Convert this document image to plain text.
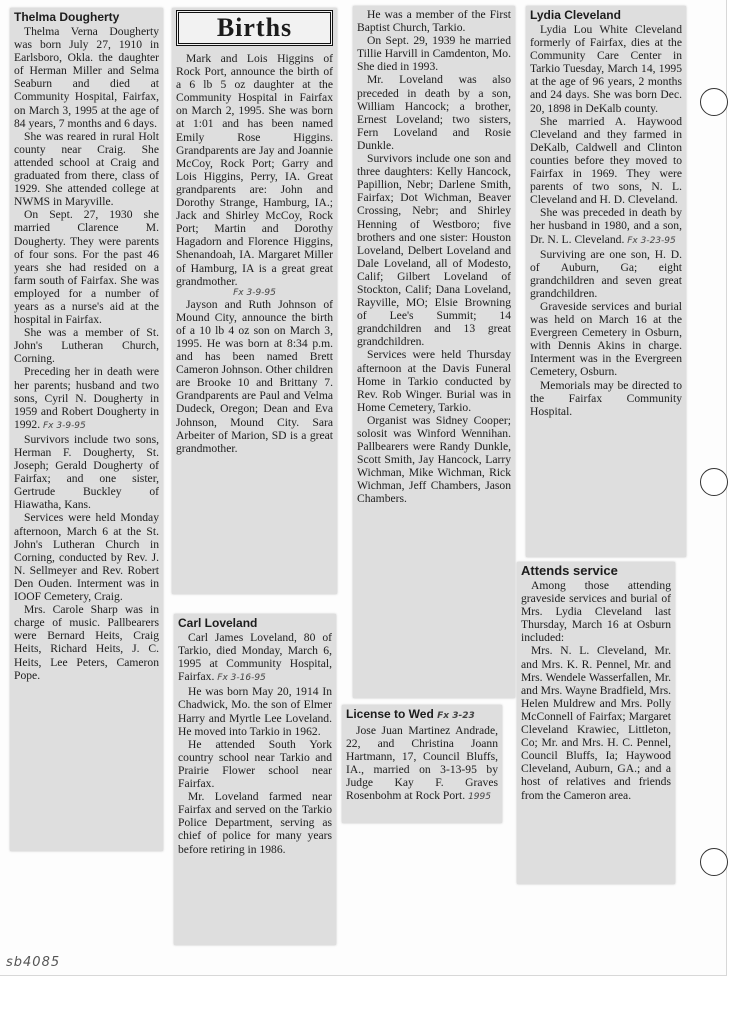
Thelma Dougherty

Thelma Verna Dougherty was born July 27, 1910 in Earlsboro, Okla. the daughter of Herman Miller and Selma Seaburn and died at Community Hospital, Fairfax, on March 3, 1995 at the age of 84 years, 7 months and 6 days.

She was reared in rural Holt county near Craig. She attended school at Craig and graduated from there, class of 1929. She attended college at NWMS in Maryville.

On Sept. 27, 1930 she married Clarence M. Dougherty. They were parents of four sons. For the past 46 years she had resided on a farm south of Fairfax. She was employed for a number of years as a nurse's aid at the hospital in Fairfax.

She was a member of St. John's Lutheran Church, Corning.

Preceding her in death were her parents; husband and two sons, Cyril N. Dougherty in 1959 and Robert Dougherty in 1992. Fx 3-9-95

Survivors include two sons, Herman F. Dougherty, St. Joseph; Gerald Dougherty of Fairfax; and one sister, Gertrude Buckley of Hiawatha, Kans.

Services were held Monday afternoon, March 6 at the St. John's Lutheran Church in Corning, conducted by Rev. J. N. Sellmeyer and Rev. Robert Den Ouden. Interment was in IOOF Cemetery, Craig.

Mrs. Carole Sharp was in charge of music. Pallbearers were Bernard Heits, Craig Heits, Richard Heits, J. C. Heits, Lee Peters, Cameron Pope.

Births

Mark and Lois Higgins of Rock Port, announce the birth of a 6 lb 5 oz daughter at the Community Hospital in Fairfax on March 2, 1995. She was born at 1:01 and has been named Emily Rose Higgins. Grandparents are Jay and Joannie McCoy, Rock Port; Garry and Lois Higgins, Perry, IA. Great grandparents are: John and Dorothy Strange, Hamburg, IA.; Jack and Shirley McCoy, Rock Port; Martin and Dorothy Hagadorn and Florence Higgins, Shenandoah, IA. Margaret Miller of Hamburg, IA is a great great grandmother.

Fx 3-9-95

Jayson and Ruth Johnson of Mound City, announce the birth of a 10 lb 4 oz son on March 3, 1995. He was born at 8:34 p.m. and has been named Brett Cameron Johnson. Other children are Brooke 10 and Brittany 7. Grandparents are Paul and Velma Dudeck, Oregon; Dean and Eva Johnson, Mound City. Sara Arbeiter of Marion, SD is a great grandmother.

Carl Loveland

Carl James Loveland, 80 of Tarkio, died Monday, March 6, 1995 at Community Hospital, Fairfax. Fx 3-16-95

He was born May 20, 1914 In Chadwick, Mo. the son of Elmer Harry and Myrtle Lee Loveland. He moved into Tarkio in 1962.

He attended South York country school near Tarkio and Prairie Flower school near Fairfax.

Mr. Loveland farmed near Fairfax and served on the Tarkio Police Department, serving as chief of police for many years before retiring in 1986.

He was a member of the First Baptist Church, Tarkio.

On Sept. 29, 1939 he married Tillie Harvill in Camdenton, Mo. She died in 1993.

Mr. Loveland was also preceded in death by a son, William Hancock; a brother, Ernest Loveland; two sisters, Fern Loveland and Rosie Dunkle.

Survivors include one son and three daughters: Kelly Hancock, Papillion, Nebr; Darlene Smith, Fairfax; Dot Wichman, Beaver Crossing, Nebr; and Shirley Henning of Westboro; five brothers and one sister: Houston Loveland, Delbert Loveland and Dale Loveland, all of Modesto, Calif; Gilbert Loveland of Stockton, Calif; Dana Loveland, Rayville, MO; Elsie Browning of Lee's Summit; 14 grandchildren and 13 great grandchildren.

Services were held Thursday afternoon at the Davis Funeral Home in Tarkio conducted by Rev. Rob Winger. Burial was in Home Cemetery, Tarkio.

Organist was Sidney Cooper; solosit was Winford Wennihan. Pallbearers were Randy Dunkle, Scott Smith, Jay Hancock, Larry Wichman, Mike Wichman, Rick Wichman, Jeff Chambers, Jason Chambers.

License to Wed Fx 3-23

Jose Juan Martinez Andrade, 22, and Christina Joann Hartmann, 17, Council Bluffs, IA., married on 3-13-95 by Judge Kay F. Graves Rosenbohm at Rock Port. 1995

Lydia Cleveland

Lydia Lou White Cleveland formerly of Fairfax, dies at the Community Care Center in Tarkio Tuesday, March 14, 1995 at the age of 96 years, 2 months and 24 days. She was born Dec. 20, 1898 in DeKalb county.

She married A. Haywood Cleveland and they farmed in DeKalb, Caldwell and Clinton counties before they moved to Fairfax in 1969. They were parents of two sons, N. L. Cleveland and H. D. Cleveland.

She was preceded in death by her husband in 1980, and a son, Dr. N. L. Cleveland. Fx 3-23-95

Surviving are one son, H. D. of Auburn, Ga; eight grandchildren and seven great grandchildren.

Graveside services and burial was held on March 16 at the Evergreen Cemetery in Osburn, with Dennis Akins in charge. Interment was in the Evergreen Cemetery, Osburn.

Memorials may be directed to the Fairfax Community Hospital.

Attends service

Among those attending graveside services and burial of Mrs. Lydia Cleveland last Thursday, March 16 at Osburn included:

Mrs. N. L. Cleveland, Mr. and Mrs. K. R. Pennel, Mr. and Mrs. Wendele Wasserfallen, Mr. and Mrs. Wayne Bradfield, Mrs. Helen Muldrew and Mrs. Polly McConnell of Fairfax; Margaret Cleveland Krawiec, Littleton, Co; Mr. and Mrs. H. C. Pennel, Council Bluffs, Ia; Haywood Cleveland, Auburn, GA.; and a host of relatives and friends from the Cameron area.

sb4085
